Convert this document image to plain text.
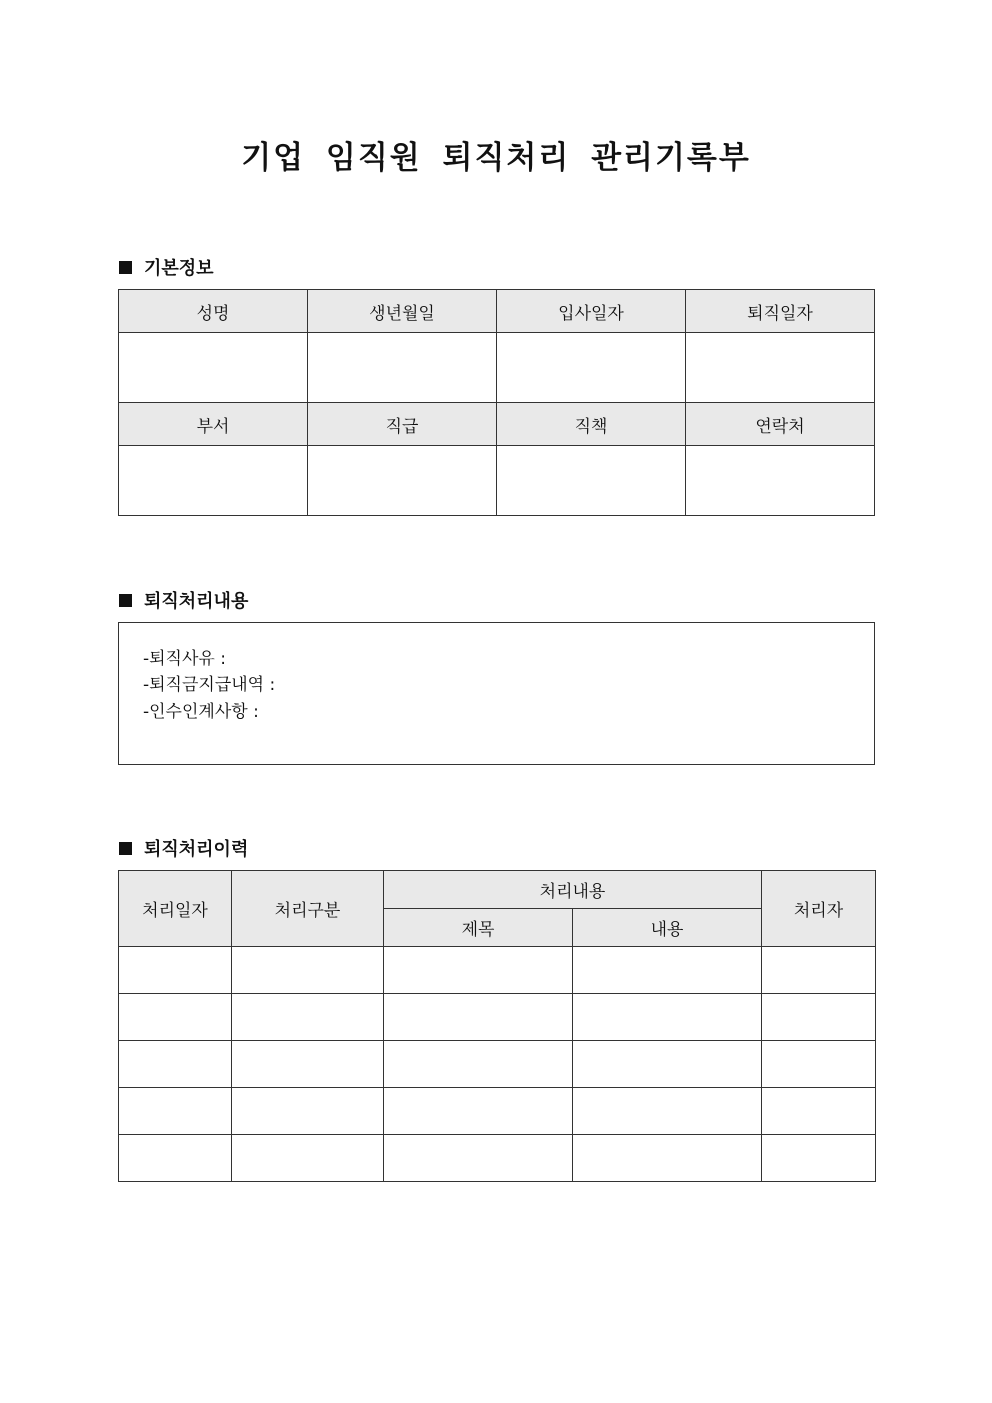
기업 임직원 퇴직처리 관리기록부
기본정보
성명	생년월일	입사일자	퇴직일자

부서	직급	직책	연락처

퇴직처리내용
-퇴직사유 :
-퇴직금지급내역 :
-인수인계사항 :
퇴직처리이력
처리일자	처리구분	처리내용		처리자
		제목	내용	
